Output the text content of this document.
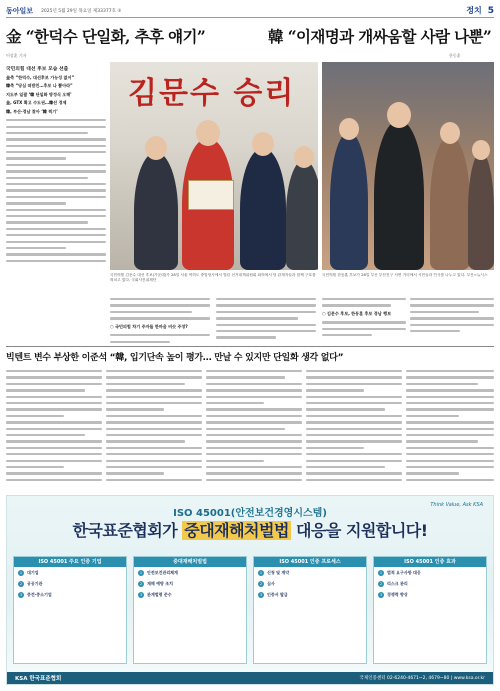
동아일보 2025년 5월 29일 목요일 제33377호 ⑤	정치 5
金 “한덕수 단일화, 추후 얘기”	韓 “이재명과 개싸움할 사람 나뿐”
이상훈 기자	한동훈
국민의힘 대선 후보 모습 선출
金측 “한덕수, 대선후보 가능성 없어”
韓측 “당심 떠받친…후보 나 뽑아라”
지도부 일괄 ‘韓 단일화 방정식 오해’
金, GTX 확고 수도권…韓선 경제
韓, 부산·경남 찾아 ‘韓 찍기’
김문수 승리
국민의힘 김문수 대선 후보(가운데)가 28일 서울 여의도 중앙당사에서 열린 선거대책위원회 회의에서 당 관계자들과 함께 구호를 외치고 있다. 국회사진취재단
국민의힘 한동훈 후보가 28일 부산 부산진구 서면 거리에서 시민들과 인사를 나누고 있다. 부산=뉴시스
○ 국민의힘 차기 주자들 한마음 비슷 주장?
○ 김문수 후보, 한동훈 후보 경남 행보
빅텐트 변수 부상한 이준석 “韓, 입기단속 높이 평가… 만날 수 있지만 단일화 생각 없다”
Think Value, Ask KSA
ISO 45001(안전보건경영시스템)
한국표준협회가 중대재해처벌법 대응을 지원합니다!
ISO 45001 주요 인증 기업
1	대기업
2	공공기관
3	중견·중소기업
중대재해처벌법
1	안전보건관리체계
2	재해 예방 조치
3	관계법령 준수
ISO 45001 인증 프로세스
1	신청 및 계약
2	심사
3	인증서 발급
ISO 45001 인증 효과
1	법적 요구사항 대응
2	리스크 관리
3	경쟁력 향상
KSA 한국표준협회	국제인증센터 02-6240-4671~2, 4679~80 | www.ksa.or.kr
